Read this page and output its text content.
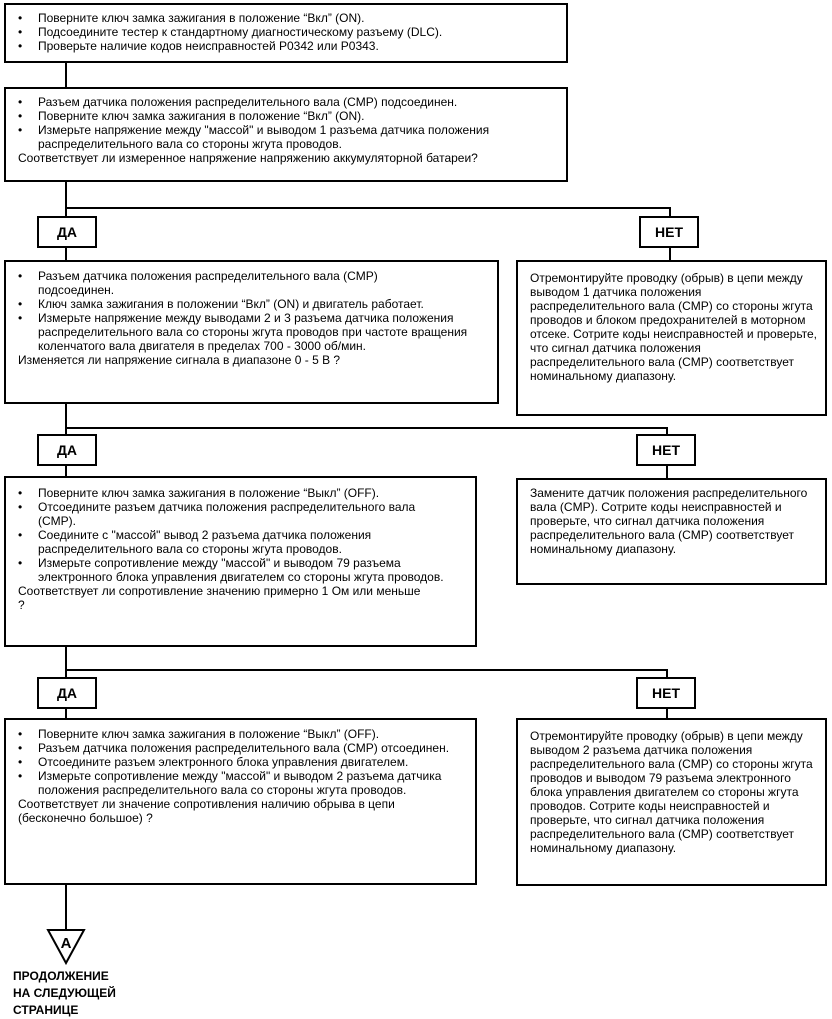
• Поверните ключ замка зажигания в положение “Вкл” (ON).
• Подсоедините тестер к стандартному диагностическому разъему (DLC).
• Проверьте наличие кодов неисправностей P0342 или P0343.
• Разъем датчика положения распределительного вала (CMP) подсоединен.
• Поверните ключ замка зажигания в положение “Вкл” (ON).
• Измерьте напряжение между "массой" и выводом 1 разъема датчика положения распределительного вала со стороны жгута проводов.
Соответствует ли измеренное напряжение напряжению аккумуляторной батареи?
ДА	НЕТ
• Разъем датчика положения распределительного вала (CMP) подсоединен.
• Ключ замка зажигания в положении “Вкл” (ON) и двигатель работает.
• Измерьте напряжение между выводами 2 и 3 разъема датчика положения распределительного вала со стороны жгута проводов при частоте вращения коленчатого вала двигателя в пределах 700 - 3000 об/мин.
Изменяется ли напряжение сигнала в диапазоне 0 - 5 В ?
Отремонтируйте проводку (обрыв) в цепи между выводом 1 датчика положения распределительного вала (CMP) со стороны жгута проводов и блоком предохранителей в моторном отсеке. Сотрите коды неисправностей и проверьте, что сигнал датчика положения распределительного вала (CMP) соответствует номинальному диапазону.
ДА	НЕТ
• Поверните ключ замка зажигания в положение “Выкл” (OFF).
• Отсоедините разъем датчика положения распределительного вала (CMP).
• Соедините с "массой" вывод 2 разъема датчика положения распределительного вала со стороны жгута проводов.
• Измерьте сопротивление между "массой" и выводом 79 разъема электронного блока управления двигателем со стороны жгута проводов.
Соответствует ли сопротивление значению примерно 1 Ом или меньше ?
Замените датчик положения распределительного вала (CMP). Сотрите коды неисправностей и проверьте, что сигнал датчика положения распределительного вала (CMP) соответствует номинальному диапазону.
ДА	НЕТ
• Поверните ключ замка зажигания в положение “Выкл” (OFF).
• Разъем датчика положения распределительного вала (CMP) отсоединен.
• Отсоедините разъем электронного блока управления двигателем.
• Измерьте сопротивление между "массой" и выводом 2 разъема датчика положения распределительного вала со стороны жгута проводов.
Соответствует ли значение сопротивления наличию обрыва в цепи (бесконечно большое) ?
Отремонтируйте проводку (обрыв) в цепи между выводом 2 разъема датчика положения распределительного вала (CMP) со стороны жгута проводов и выводом 79 разъема электронного блока управления двигателем со стороны жгута проводов. Сотрите коды неисправностей и проверьте, что сигнал датчика положения распределительного вала (CMP) соответствует номинальному диапазону.
A
ПРОДОЛЖЕНИЕ
НА СЛЕДУЮЩЕЙ
СТРАНИЦЕ
